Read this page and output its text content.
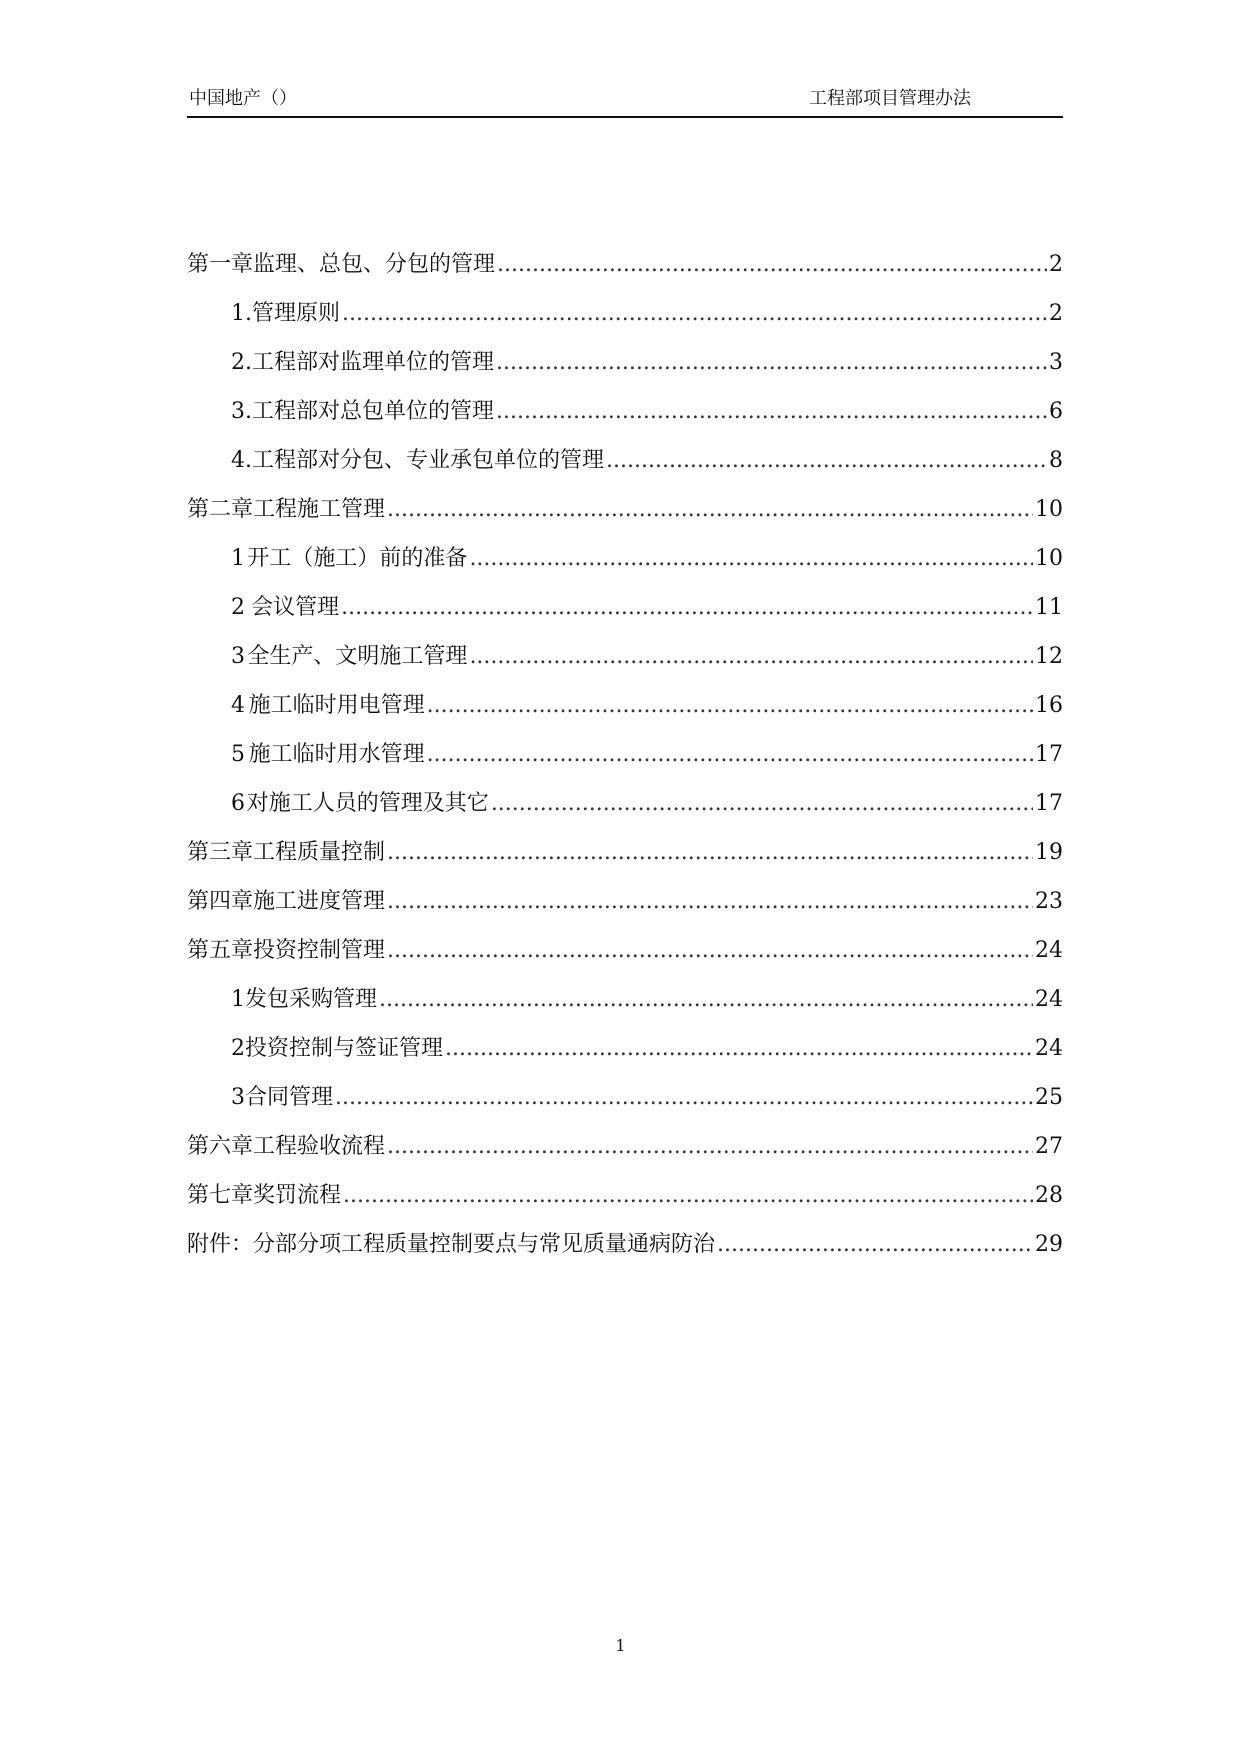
中国地产（）	工程部项目管理办法
第一章 监理、总包、分包的管理 .....	2
1. 管理原则 .....	2
2. 工程部对监理单位的管理 .....	3
3. 工程部对总包单位的管理 .....	6
4. 工程部对分包、专业承包单位的管理 .....	8
第二章 工程施工管理 .....	10
1 开工（施工）前的准备 .....	10
2 会议管理 .....	11
3 全生产、文明施工管理 .....	12
4 施工临时用电管理 .....	16
5 施工临时用水管理 .....	17
6 对施工人员的管理及其它 .....	17
第三章 工程质量控制 .....	19
第四章 施工进度管理 .....	23
第五章 投资控制管理 .....	24
1 发包采购管理 .....	24
2 投资控制与签证管理 .....	24
3 合同管理 .....	25
第六章 工程验收流程 .....	27
第七章 奖罚流程 .....	28
附件： 分部分项工程质量控制要点与常见质量通病防治 .....	29
1
